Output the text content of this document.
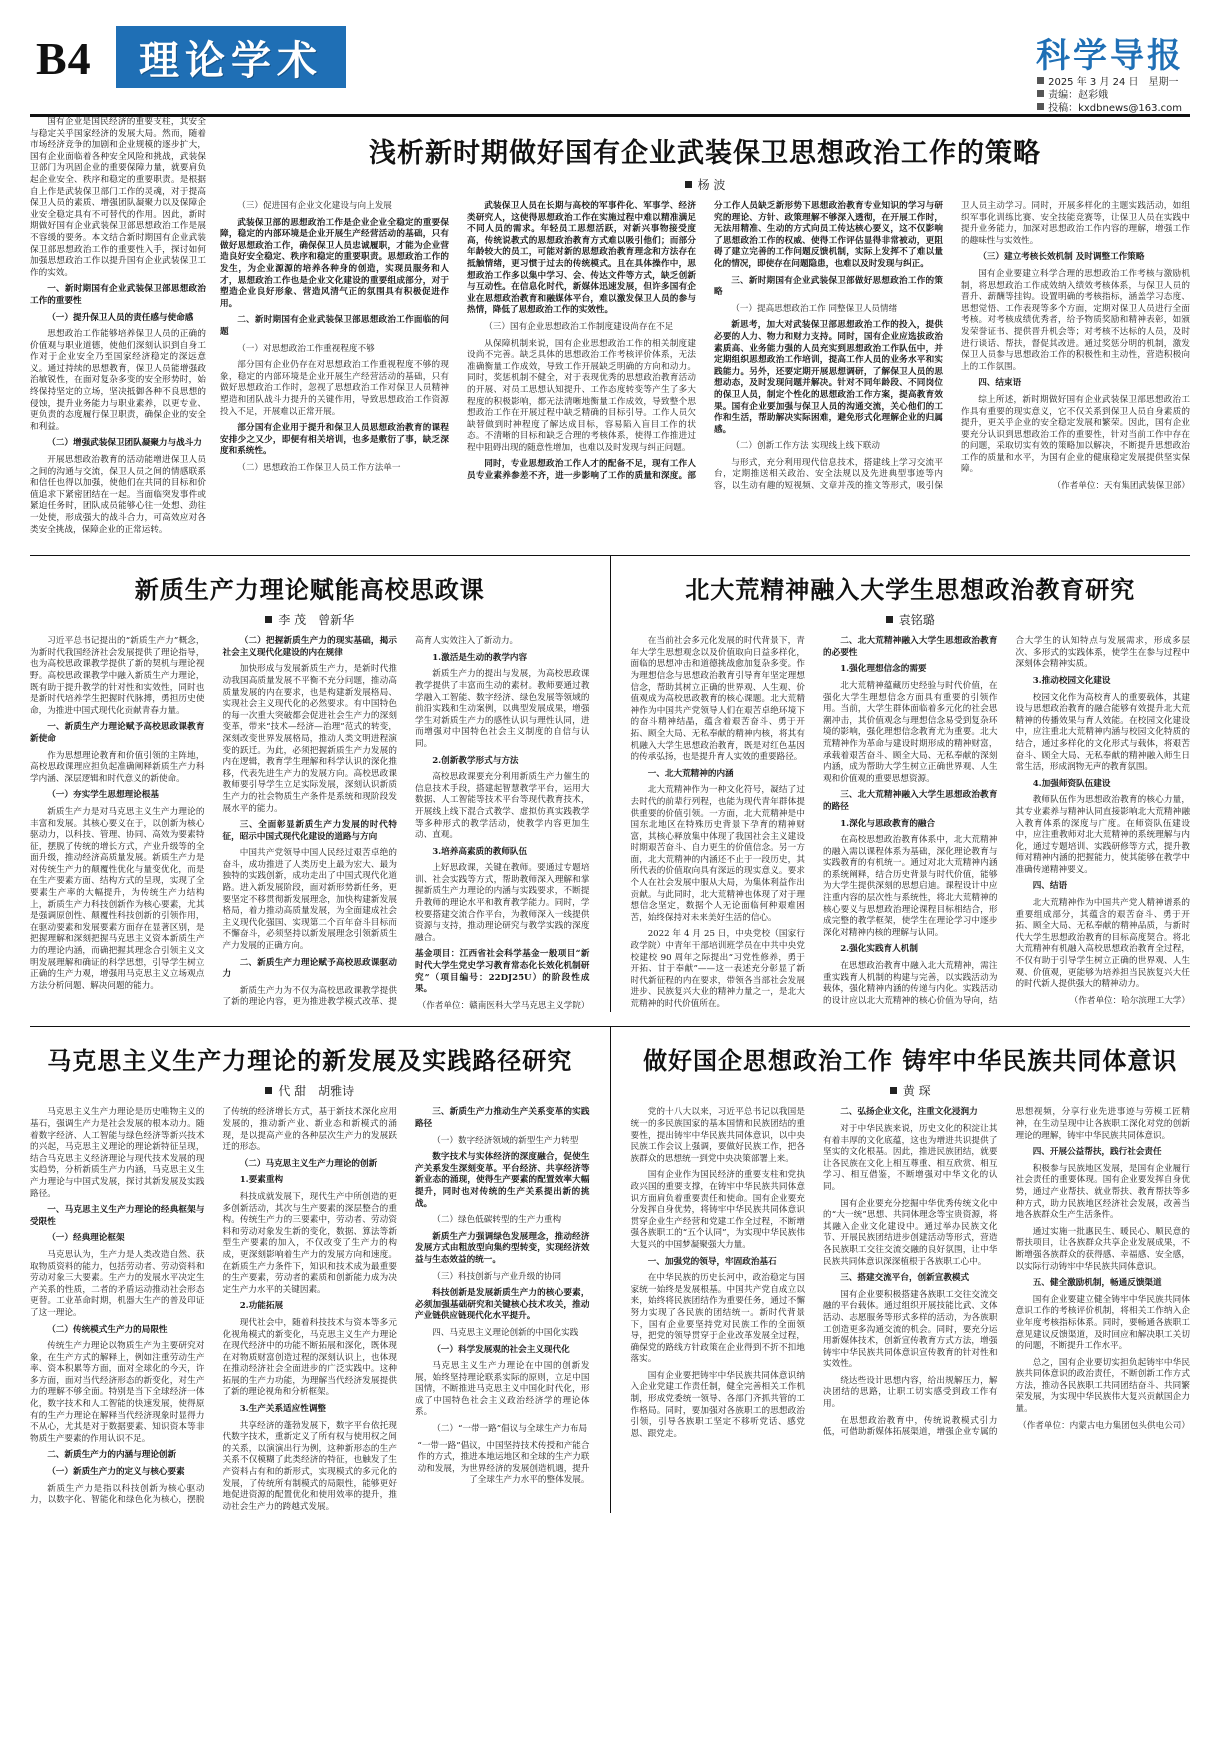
B4 理论学术	科学导报
2025 年 3 月 24 日　星期一
责编：赵彩娥
投稿：kxdbnews@163.com

国有企业是国民经济的重要支柱，其安全与稳定关乎国家经济的发展大局。然而，随着市场经济竞争的加剧和企业规模的逐步扩大，国有企业面临着各种安全风险和挑战，武装保卫部门为巩固企业的重要保障力量，就要肩负起企业安全、秩序和稳定的重要职责。是根据自上作是武装保卫部门工作的灵魂，对于提高保卫人员的素质、增强团队凝聚力以及保障企业安全稳定具有不可替代的作用。因此，新时期做好国有企业武装保卫部思想政治工作是展不容缓的要务。本文结合新时期国有企业武装保卫部思想政治工作的重要性入手，探讨如何加强思想政治工作以提升国有企业武装保卫工作的实效。

一、新时期国有企业武装保卫部思想政治工作的重要性

（一）提升保卫人员的责任感与使命感

思想政治工作能够培养保卫人员的正确的价值观与职业道德，使他们深刻认识到自身工作对于企业安全乃至国家经济稳定的深远意义。通过持续的思想教育，保卫人员能增强政治敏锐性，在面对复杂多变的安全形势时，始终保持坚定的立场，坚决抵御各种不良思想的侵蚀，提升业务能力与职业素养，以更专业、更负责的态度履行保卫职责，确保企业的安全和利益。

（二）增强武装保卫团队凝聚力与战斗力

开展思想政治教育的活动能增进保卫人员之间的沟通与交流，保卫人员之间的情感联系和信任也得以加强，使他们在共同的目标和价值追求下紧密团结在一起。当面临突发事件或紧迫任务时，团队成员能够心往一处想、劲往一处使，形成强大的战斗合力，可高效应对各类安全挑战，保障企业的正常运转。

浅析新时期做好国有企业武装保卫思想政治工作的策略
杨 波

（三）促进国有企业文化建设与向上发展

武装保卫部的思想政治工作是企业企业全稳定的重要保障，稳定的内部环境是企业开展生产经营活动的基础，只有做好思想政治工作，确保保卫人员忠诚履职，才能为企业营造良好安全稳定、秩序和稳定的重要职责。思想政治工作的发生，为企业源源的培养各种身的创造，实现员服务和人才，思想政治工作也是企业文化建设的重要组成部分，对于塑造企业良好形象、营造风清气正的氛围具有积极促进作用。

二、新时期国有企业武装保卫部思想政治工作面临的问题

（一）对思想政治工作重视程度不够

部分国有企业仍存在对思想政治工作重视程度不够的现象，稳定的内部环境是企业开展生产经营活动的基础，只有做好思想政治工作时，忽视了思想政治工作对保卫人员精神塑造和团队战斗力提升的关键作用，导致思想政治工作资源投入不足，开展难以正常开展。

部分国有企业用于提升和保卫人员思想政治教育的课程安排少之又少，即便有相关培训，也多是敷衍了事，缺乏深度和系统性。

（二）思想政治工作保卫人员工作方法单一

武装保卫人员在长期与高校的军事件化、军事学、经济类研究人，这使得思想政治工作在实施过程中难以精准满足不同人员的需求。年轻员工思想活跃，对新兴事物接受度高，传统说教式的思想政治教育方式难以吸引他们；而部分年龄较大的员工，可能对新的思想政治教育理念和方法存在抵触情绪，更习惯于过去的传统模式。且在具体操作中，思想政治工作多以集中学习、会、传达文件等方式，缺乏创新与互动性。在信息化时代，新媒体迅速发展，但许多国有企业在思想政治教育和融媒体平台，难以激发保卫人员的参与热情，降低了思想政治工作的实效性。

（三）国有企业思想政治工作制度建设尚存在不足

从保障机制来说，国有企业思想政治工作的相关制度建设尚不完善。缺乏具体的思想政治工作考核评价体系，无法准确衡量工作成效，导致工作开展缺乏明确的方向和动力。同时，奖惩机制不健全，对于表现优秀的思想政治教育活动的开展、对员工思想认知提升、工作态度转变等产生了多大程度的积极影响，都无法清晰地衡量工作成效，导致整个思想政治工作在开展过程中缺乏精确的目标引导。工作人员欠缺替做到时神程度了解达成目标，容易陷入盲目工作的状态。不清晰的目标和缺乏合理的考核体系，使得工作推进过程中阻碍出现的随意性增加，也难以及时发现与纠正问题。

同时，专业思想政治工作人才的配备不足，现有工作人员专业素养参差不齐，进一步影响了工作的质量和深度。部分工作人员缺乏新形势下思想政治教育专业知识的学习与研究的理论、方针、政策理解不够深入透彻，在开展工作时，无法用精准、生动的方式向员工传达核心要义，这不仅影响了思想政治工作的权威、使得工作评估显得非常被动，更阻碍了建立完善的工作问题反馈机制，实际上发挥不了难以量化的情况，即使存在问题隐患，也难以及时发现与纠正。

三、新时期国有企业武装保卫部做好思想政治工作的策略

（一）提高思想政治工作 同整保卫人员情绪

新思考，加大对武装保卫部思想政治工作的投入，提供必要的人力、物力和财力支持。同时，国有企业应选拔政治素质高、业务能力强的人员充实到思想政治工作队伍中，并定期组织思想政治工作培训，提高工作人员的业务水平和实践能力。另外，还要定期开展思想调研，了解保卫人员的思想动态，及时发现问题并解决。针对不同年龄段、不同岗位的保卫人员，制定个性化的思想政治工作方案，提高教育效果。国有企业要加强与保卫人员的沟通交流，关心他们的工作和生活，帮助解决实际困难，避免形式化理解企业的归属感。

（二）创新工作方法 实现线上线下联动

与形式，充分利用现代信息技术，搭建线上学习交流平台，定期推送相关政治、安全法规以及先进典型事迹等内容，以生动有趣的短视频、文章并茂的推文等形式，吸引保卫人员主动学习。同时，开展多样化的主题实践活动，如组织军事化训练比赛、安全技能竞赛等，让保卫人员在实践中提升业务能力，加深对思想政治工作内容的理解，增强工作的趣味性与实效性。

（三）建立考核长效机制 及时调整工作策略

国有企业要建立科学合理的思想政治工作考核与激励机制，将思想政治工作成效纳入绩效考核体系，与保卫人员的晋升、薪酬等挂钩。设置明确的考核指标，涵盖学习态度、思想觉悟、工作表现等多个方面，定期对保卫人员进行全面考核。对考核成绩优秀者，给予物质奖励和精神表彰，如颁发荣誉证书、提供晋升机会等；对考核不达标的人员，及时进行谈话、帮扶，督促其改进。通过奖惩分明的机制，激发保卫人员参与思想政治工作的积极性和主动性，营造积极向上的工作氛围。

四、结束语

综上所述，新时期做好国有企业武装保卫部思想政治工作具有重要的现实意义，它不仅关系到保卫人员自身素质的提升，更关乎企业的安全稳定发展和繁荣。因此，国有企业要充分认识到思想政治工作的重要性，针对当前工作中存在的问题，采取切实有效的策略加以解决，不断提升思想政治工作的质量和水平，为国有企业的健康稳定发展提供坚实保障。

（作者单位：天有集团武装保卫部）

新质生产力理论赋能高校思政课
李 茂　曾新华

习近平总书记提出的“新质生产力”概念，为新时代我国经济社会发展提供了理论指导，也为高校思政课教学提供了新的契机与理论视野。高校思政课教学中融入新质生产力理论，既有助于提升教学的针对性和实效性，同时也是新时代培养学生把握时代脉搏，勇担历史使命，为推进中国式现代化贡献青春力量。

一、新质生产力理论赋予高校思政课教育新使命

作为思想理论教育和价值引领的主阵地，高校思政课理应担负起准确阐释新质生产力科学内涵、深层逻辑和时代意义的新使命。

（一）夯实学生思想理论根基

新质生产力是对马克思主义生产力理论的丰富和发展。其核心要义在于，以创新为核心驱动力，以科技、管理、协同、高效为要素特征，摆脱了传统的增长方式，产业升级等的全面升级，推动经济高质量发展。新质生产力是对传统生产力的颠覆性优化与量变优化，而是在生产要素方面、结构方式的呈现，实现了全要素生产率的大幅提升，为传统生产力结构上，新质生产力科技创新作为核心要素，尤其是强调原创性、颠覆性科技创新的引领作用，在驱动要素和发展要素方面存在显著区别，是把握理解和深刻把握马克思主义资本新质生产力的理论内涵，而确把握其理念合引领主义文明发展理解和确证的科学思想，引导学生树立正确的生产力观，增强用马克思主义立场观点方法分析问题、解决问题的能力。

（二）把握新质生产力的现实基础，揭示社会主义现代化建设的内在规律

加快形成与发展新质生产力，是新时代推动我国高质量发展不平衡不充分问题，推动高质量发展的内在要求，也是构建新发展格局、实现社会主义现代化的必然要求。有中国特色的每一次重大突破都会促进社会生产力的深刻变革，带来“技术—经济—治理”范式的转变，深刻改变世界发展格局，推动人类文明进程演变的跃迁。为此，必须把握新质生产力发展的内在逻辑，教育学生理解和科学认识的深化推移，代表先进生产力的发展方向。高校思政课教师要引导学生立足实际发展，深刻认识新质生产力的社会物质生产条件是系统和现阶段发展水平的能力。

三、全面彰显新质生产力发展的时代特征，昭示中国式现代化建设的道路与方向

中国共产党领导中国人民经过艰苦卓绝的奋斗，成功推进了人类历史上最为宏大、最为独特的实践创新，成功走出了中国式现代化道路。进入新发展阶段，面对新形势新任务，更要坚定不移贯彻新发展理念，加快构建新发展格局，着力推动高质量发展，为全面建成社会主义现代化强国、实现第二个百年奋斗目标而不懈奋斗，必须坚持以新发展理念引领新质生产力发展的正确方向。

二、新质生产力理论赋予高校思政课驱动力

新质生产力为不仅为高校思政课教学提供了新的理论内容，更为推进教学模式改革、提高育人实效注入了新动力。

1.激活是生动的教学内容

新质生产力的提出与发展，为高校思政课教学提供了丰富而生动的素材。教师要通过教学融入工智能、数字经济、绿色发展等领域的前沿实践和生动案例，以典型发展成果，增强学生对新质生产力的感性认识与理性认同，进而增强对中国特色社会主义制度的自信与认同。

2.创新教学形式与方法

高校思政课要充分利用新质生产力催生的信息技术手段，搭建起智慧教学平台，运用大数据、人工智能等技术平台等现代教育技术，开展线上线下混合式教学、虚拟仿真实践教学等多种形式的教学活动，使教学内容更加生动、直观。

3.培养高素质的教师队伍

上好思政课，关键在教师。要通过专题培训、社会实践等方式，帮助教师深入理解和掌握新质生产力理论的内涵与实践要求，不断提升教师的理论水平和教育教学能力。同时，学校要搭建交流合作平台，为教师深入一线提供资源与支持，推动理论研究与教学实践的深度融合。

基金项目：江西省社会科学基金一般项目“新时代大学生党史学习教育常态化长效化机制研究”（项目编号：22DJ25U）的阶段性成果。

（作者单位：赣南医科大学马克思主义学院）

北大荒精神融入大学生思想政治教育研究
袁铭璐

在当前社会多元化发展的时代背景下，青年大学生思想观念以及价值取向日益多样化，面临的思想冲击和道德挑战愈加复杂多变。作为理想信念与思想政治教育引导育年坚定理想信念，帮助其树立正确的世界观、人生观、价值观成为高校思政教育的核心课题。北大荒精神作为中国共产党领导人们在艰苦卓绝环境下的奋斗精神结晶，蕴含着艰苦奋斗、勇于开拓、顾全大局、无私奉献的精神内核，将其有机融入大学生思想政治教育，既是对红色基因的传承弘扬，也是提升育人实效的重要路径。

一、北大荒精神的内涵

北大荒精神作为一种文化符号，凝结了过去时代的前辈行列程，也能为现代青年群体提供重要的价值引领。一方面，北大荒精神是中国东北地区在特殊历史背景下孕育的精神财富，其核心释放集中体现了我国社会主义建设时期艰苦奋斗、自力更生的价值信念。另一方面，北大荒精神的内涵还不止于一段历史，其所代表的价值取向具有深远的现实意义。要求个人在社会发展中服从大局，为集体利益作出贡献。与此同时，北大荒精神也体现了对于理想信念坚定，数据个人无论面临何种艰难困苦，始终保持对未来美好生活的信心。

2022 年 4 月 25 日，中央党校（国家行政学院）中青年干部培训班学员在中共中央党校建校 90 周年之际提出“习党性修养，勇于开拓、甘于奉献”——这一表述充分彰显了新时代新征程的内在要求，带领各当部社会发展进步、民族复兴大业的精神力量之一，是北大荒精神的时代价值所在。

二、北大荒精神融入大学生思想政治教育的必要性

1.强化理想信念的需要

北大荒精神蕴藏历史经验与时代价值，在强化大学生理想信念方面具有重要的引领作用。当前，大学生群体面临着多元化的社会思潮冲击，其价值观念与理想信念易受到复杂环境的影响，强化理想信念教育尤为重要。北大荒精神作为革命与建设时期形成的精神财富，承载着艰苦奋斗、顾全大局、无私奉献的深刻内涵，成为帮助大学生树立正确世界观、人生观和价值观的重要思想资源。

三、北大荒精神融入大学生思想政治教育的路径

1.深化与思政教育的融合

在高校思想政治教育体系中，北大荒精神的融入需以课程体系为基础，深化理论教育与实践教育的有机统一。通过对北大荒精神内涵的系统阐释，结合历史背景与时代价值，能够为大学生提供深刻的思想启迪。课程设计中应注重内容的层次性与系统性，将北大荒精神的核心要义与思想政治理论课程目标相结合，形成完整的教学框架，使学生在理论学习中逐步深化对精神内核的理解与认同。

2.强化实践育人机制

在思想政治教育中融入北大荒精神，需注重实践育人机制的构建与完善，以实践活动为载体，强化精神内涵的传递与内化。实践活动的设计应以北大荒精神的核心价值为导向，结合大学生的认知特点与发展需求，形成多层次、多形式的实践体系，使学生在参与过程中深刻体会精神实质。

3.推动校园文化建设

校园文化作为高校育人的重要载体，其建设与思想政治教育的融合能够有效提升北大荒精神的传播效果与育人效能。在校园文化建设中，应注重北大荒精神内涵与校园文化特质的结合，通过多样化的文化形式与载体，将艰苦奋斗、顾全大局、无私奉献的精神融入师生日常生活，形成润物无声的教育氛围。

4.加强师资队伍建设

教师队伍作为思想政治教育的核心力量，其专业素养与精神认同直接影响北大荒精神融入教育体系的深度与广度。在师资队伍建设中，应注重教师对北大荒精神的系统理解与内化，通过专题培训、实践研修等方式，提升教师对精神内涵的把握能力，使其能够在教学中准确传递精神要义。

四、结语

北大荒精神作为中国共产党人精神谱系的重要组成部分，其蕴含的艰苦奋斗、勇于开拓、顾全大局、无私奉献的精神品质，与新时代大学生思想政治教育的目标高度契合。将北大荒精神有机融入高校思想政治教育全过程，不仅有助于引导学生树立正确的世界观、人生观、价值观，更能够为培养担当民族复兴大任的时代新人提供强大的精神动力。

（作者单位：哈尔滨理工大学）

马克思主义生产力理论的新发展及实践路径研究
代 甜　胡雅诗

马克思主义生产力理论是历史唯物主义的基石，强调生产力是社会发展的根本动力。随着数字经济、人工智能与绿色经济等新兴技术的兴起，马克思主义理论的理论新特征呈现，结合马克思主义经济理论与现代技术发展的现实趋势，分析新质生产力内涵，马克思主义生产力理论与中国式发展，探讨其新发展及实践路径。

一、马克思主义生产力理论的经典框架与受限性

（一）经典理论框架

马克思认为，生产力是人类改造自然、获取物质资料的能力，包括劳动者、劳动资料和劳动对象三大要素。生产力的发展水平决定生产关系的性质，二者的矛盾运动推动社会形态更替。工业革命时期，机器大生产的普及印证了这一理论。

（二）传统模式生产力的局限性

传统生产力理论以物质生产为主要研究对象，在生产方式的解释上，例如注重劳动生产率、资本积累等方面，面对全球化的今天，许多方面，面对当代经济形态的新变化，对生产力的理解不够全面。特别是当下全球经济一体化，数字技术和人工智能的快速发展，使得原有的生产力理论在解释当代经济现象时显得力不从心，尤其是对于数据要素、知识资本等非物质生产要素的作用认识不足。

二、新质生产力的内涵与理论创新

（一）新质生产力的定义与核心要素

新质生产力是指以科技创新为核心驱动力，以数字化、智能化和绿色化为核心，摆脱了传统的经济增长方式，基于新技术深化应用发展的，推动新产业、新业态和新模式的涌现，是以提高产业的各种层次生产力的发展跃迁的形态。

（二）马克思主义生产力理论的创新

1.要素重构

科技成就发展下，现代生产中所创造的更多创新活动，其次与生产要素的深层整合的重构。传统生产力的三要素中，劳动者、劳动资料和劳动对象发生新的变化，数据、算法等新型生产要素的加入，不仅改变了生产力的构成，更深刻影响着生产力的发展方向和速度。在新质生产力条件下，知识和技术成为最重要的生产要素，劳动者的素质和创新能力成为决定生产力水平的关键因素。

2.功能拓展

现代社会中，随着科技技术与资本等多元化视角模式的新变化，马克思主义生产力理论在现代经济中的功能不断拓展和深化，既体现在对物质财富创造过程的深刻认识上，也体现在推动经济社会全面进步的广泛实践中。这种拓展的生产力功能，为理解当代经济发展提供了新的理论视角和分析框架。

3.生产关系适应性调整

共享经济的蓬勃发展下，数字平台依托现代数字技术，重新定义了所有权与使用权之间的关系，以演演出行为例，这种新形态的生产关系不仅模糊了此类经济的特征，也触发了生产资料占有和的新形式，实现模式的多元化的发展，了传统所有制模式的局限性，能够更好地促进资源的配置优化和使用效率的提升，推动社会生产力的跨越式发展。

三、新质生产力推动生产关系变革的实践路径

（一）数字经济领域的新型生产力转型

数字技术与实体经济的深度融合，促使生产关系发生深刻变革。平台经济、共享经济等新业态的涌现，使得生产要素的配置效率大幅提升，同时也对传统的生产关系提出新的挑战。

（二）绿色低碳转型的生产力重构

新质生产力强调绿色发展理念，推动经济发展方式由粗放型向集约型转变，实现经济效益与生态效益的统一。

（三）科技创新与产业升级的协同

科技创新是发展新质生产力的核心要素，必须加强基础研究和关键核心技术攻关，推动产业链供应链现代化水平提升。

四、马克思主义理论创新的中国化实践

（一）科学发展观的社会主义现代化

马克思主义生产力理论在中国的创新发展，始终坚持理论联系实际的原则，立足中国国情，不断推进马克思主义中国化时代化，形成了中国特色社会主义政治经济学的理论体系。

（二）“一带一路”倡议与全球生产力布局

“一带一路”倡议，中国坚持技术传授和产能合作的方式，推进本地运地区和全球的生产力联动和发展，为世界经济的发展创造机遇，提升了全球生产力水平的整体发展。

做好国企思想政治工作 铸牢中华民族共同体意识
黄 琛

党的十八大以来，习近平总书记以我国是统一的多民族国家的基本国情和民族团结的重要性，提出铸牢中华民族共同体意识，以中央民族工作会议上强调，要做好民族工作，把各族群众的思想统一到党中央决策部署上来。

国有企业作为国民经济的重要支柱和党执政兴国的重要支撑，在铸牢中华民族共同体意识方面肩负着重要责任和使命。国有企业要充分发挥自身优势，将铸牢中华民族共同体意识贯穿企业生产经营和党建工作全过程，不断增强各族职工的“五个认同”，为实现中华民族伟大复兴的中国梦凝聚强大力量。

一、加强党的领导，牢固政治基石

在中华民族的历史长河中，政治稳定与国家统一始终是发展根基。中国共产党自成立以来，始终将民族团结作为重要任务，通过不懈努力实现了各民族的团结统一。新时代背景下，国有企业要坚持党对民族工作的全面领导，把党的领导贯穿于企业改革发展全过程，确保党的路线方针政策在企业得到不折不扣地落实。

国有企业要把铸牢中华民族共同体意识纳入企业党建工作责任制，健全完善相关工作机制，形成党委统一领导、各部门齐抓共管的工作格局。同时，要加强对各族职工的思想政治引领，引导各族职工坚定不移听党话、感党恩、跟党走。

二、弘扬企业文化，注重文化浸润力

对于中华民族来说，历史文化的积淀让其有着丰厚的文化底蕴，这也为增进共识提供了坚实的文化根基。因此，推进民族团结，就要让各民族在文化上相互尊重、相互欣赏、相互学习、相互借鉴，不断增强对中华文化的认同。

国有企业要充分挖掘中华优秀传统文化中的“大一统”思想、共同体理念等宝贵资源，将其融入企业文化建设中。通过举办民族文化节、开展民族团结进步创建活动等形式，营造各民族职工交往交流交融的良好氛围，让中华民族共同体意识深深植根于各族职工心中。

三、搭建交流平台，创新宣教模式

国有企业要积极搭建各族职工交往交流交融的平台载体。通过组织开展技能比武、文体活动、志愿服务等形式多样的活动，为各族职工创造更多沟通交流的机会。同时，要充分运用新媒体技术，创新宣传教育方式方法，增强铸牢中华民族共同体意识宣传教育的针对性和实效性。

绕达些设计思想内容，给出规解压力，解决团结的思路，让职工切实感受到政工作有用。

在思想政治教育中，传统说教模式引力低，可借助新媒体拓展渠道，增强企业专属的思想视频，分享行业先进事迹与劳模工匠精神，在生动呈现中让各族职工深化对党的创新理论的理解，铸牢中华民族共同体意识。

四、开展公益帮扶，践行社会责任

积极参与民族地区发展，是国有企业履行社会责任的重要体现。国有企业要发挥自身优势，通过产业帮扶、就业帮扶、教育帮扶等多种方式，助力民族地区经济社会发展，改善当地各族群众生产生活条件。

通过实施一批惠民生、暖民心、顺民意的帮扶项目，让各族群众共享企业发展成果，不断增强各族群众的获得感、幸福感、安全感，以实际行动铸牢中华民族共同体意识。

五、健全激励机制，畅通反馈渠道

国有企业要建立健全铸牢中华民族共同体意识工作的考核评价机制，将相关工作纳入企业年度考核指标体系。同时，要畅通各族职工意见建议反馈渠道，及时回应和解决职工关切的问题，不断提升工作水平。

总之，国有企业要切实担负起铸牢中华民族共同体意识的政治责任，不断创新工作方式方法，推动各民族职工共同团结奋斗、共同繁荣发展，为实现中华民族伟大复兴贡献国企力量。

（作者单位：内蒙古电力集团包头供电公司）
